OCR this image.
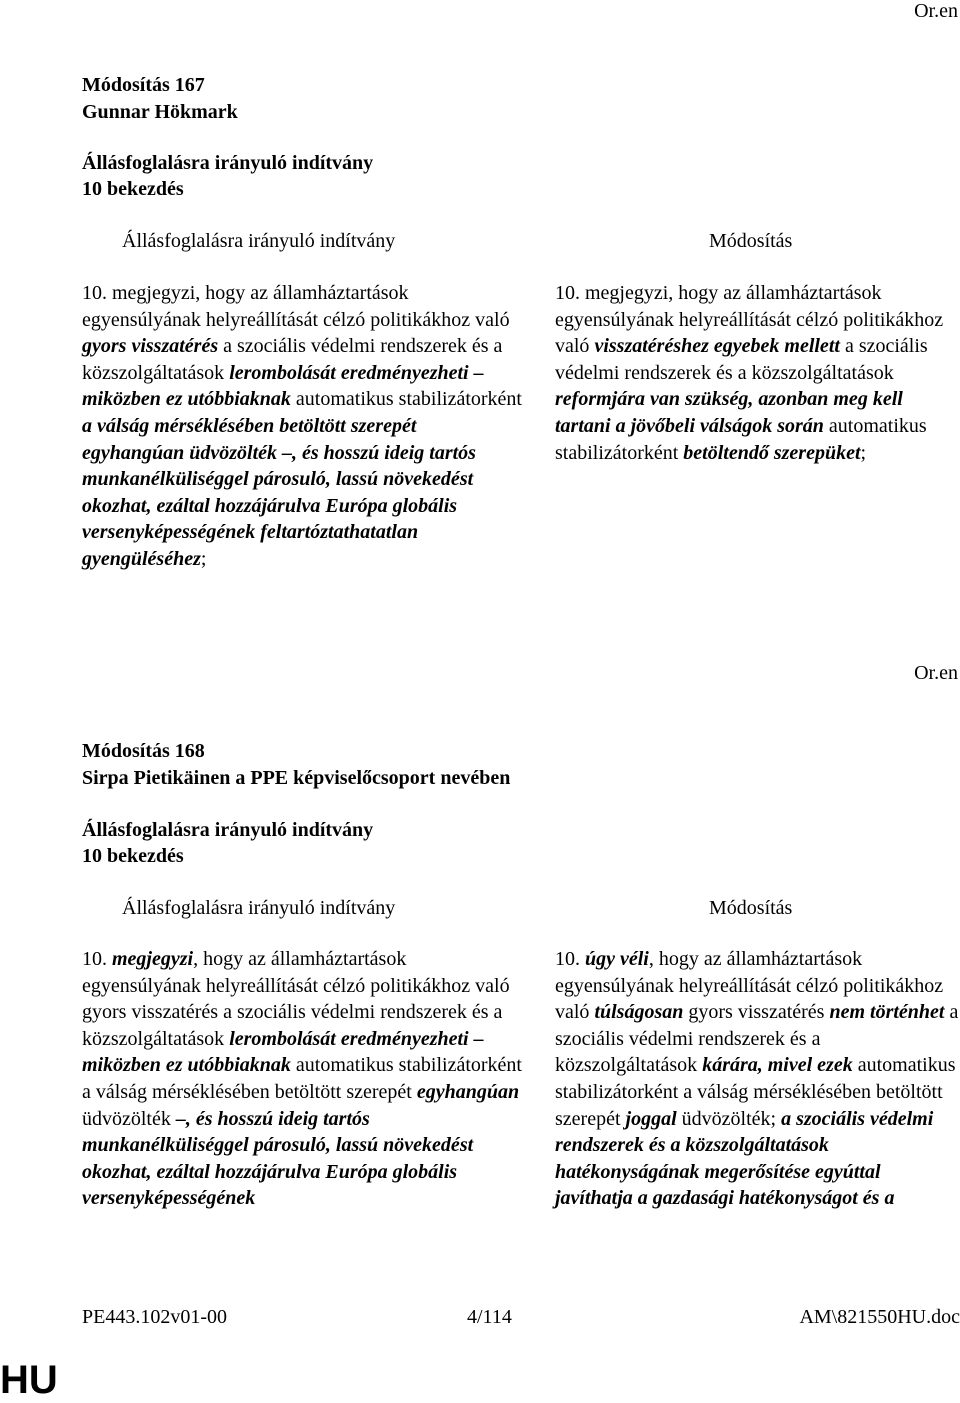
Or.en
Módosítás 167
Gunnar Hökmark
Állásfoglalásra irányuló indítvány
10 bekezdés
Állásfoglalásra irányuló indítvány	Módosítás

10. megjegyzi, hogy az államháztartások egyensúlyának helyreállítását célzó politikákhoz való gyors visszatérés a szociális védelmi rendszerek és a közszolgáltatások lerombolását eredményezheti – miközben ez utóbbiaknak automatikus stabilizátorként a válság mérséklésében betöltött szerepét egyhangúan üdvözölték –, és hosszú ideig tartós munkanélküliséggel párosuló, lassú növekedést okozhat, ezáltal hozzájárulva Európa globális versenyképességének feltartóztathatatlan gyengüléséhez;

10. megjegyzi, hogy az államháztartások egyensúlyának helyreállítását célzó politikákhoz való visszatéréshez egyebek mellett a szociális védelmi rendszerek és a közszolgáltatások reformjára van szükség, azonban meg kell tartani a jövőbeli válságok során automatikus stabilizátorként betöltendő szerepüket;

Or.en
Módosítás 168
Sirpa Pietikäinen a PPE képviselőcsoport nevében
Állásfoglalásra irányuló indítvány
10 bekezdés
Állásfoglalásra irányuló indítvány	Módosítás

10. megjegyzi, hogy az államháztartások egyensúlyának helyreállítását célzó politikákhoz való gyors visszatérés a szociális védelmi rendszerek és a közszolgáltatások lerombolását eredményezheti – miközben ez utóbbiaknak automatikus stabilizátorként a válság mérséklésében betöltött szerepét egyhangúan üdvözölték –, és hosszú ideig tartós munkanélküliséggel párosuló, lassú növekedést okozhat, ezáltal hozzájárulva Európa globális versenyképességének

10. úgy véli, hogy az államháztartások egyensúlyának helyreállítását célzó politikákhoz való túlságosan gyors visszatérés nem történhet a szociális védelmi rendszerek és a közszolgáltatások kárára, mivel ezek automatikus stabilizátorként a válság mérséklésében betöltött szerepét joggal üdvözölték; a szociális védelmi rendszerek és a közszolgáltatások hatékonyságának megerősítése egyúttal javíthatja a gazdasági hatékonyságot és a

PE443.102v01-00	4/114	AM\821550HU.doc
HU
